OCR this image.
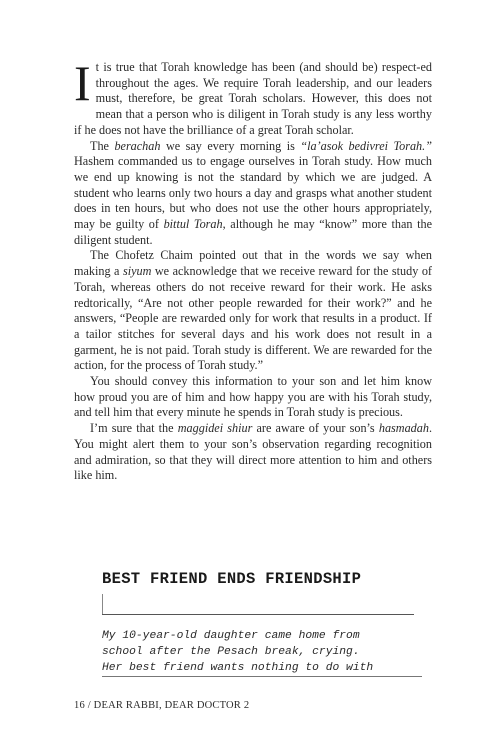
It is true that Torah knowledge has been (and should be) respect-ed throughout the ages. We require Torah leadership, and our leaders must, therefore, be great Torah scholars. However, this does not mean that a person who is diligent in Torah study is any less worthy if he does not have the brilliance of a great Torah scholar.

The berachah we say every morning is “la’asok bedivrei Torah.” Hashem commanded us to engage ourselves in Torah study. How much we end up knowing is not the standard by which we are judged. A student who learns only two hours a day and grasps what another student does in ten hours, but who does not use the other hours appropriately, may be guilty of bittul Torah, although he may “know” more than the diligent student.

The Chofetz Chaim pointed out that in the words we say when making a siyum we acknowledge that we receive reward for the study of Torah, whereas others do not receive reward for their work. He asks redtorically, “Are not other people rewarded for their work?” and he answers, “People are rewarded only for work that results in a product. If a tailor stitches for several days and his work does not result in a garment, he is not paid. Torah study is different. We are rewarded for the action, for the process of Torah study.”

You should convey this information to your son and let him know how proud you are of him and how happy you are with his Torah study, and tell him that every minute he spends in Torah study is precious.

I’m sure that the maggidei shiur are aware of your son’s hasmadah. You might alert them to your son’s observation regarding recognition and admiration, so that they will direct more attention to him and others like him.

BEST FRIEND ENDS FRIENDSHIP

My 10-year-old daughter came home from
school after the Pesach break, crying.
Her best friend wants nothing to do with

16 / DEAR RABBI, DEAR DOCTOR 2
